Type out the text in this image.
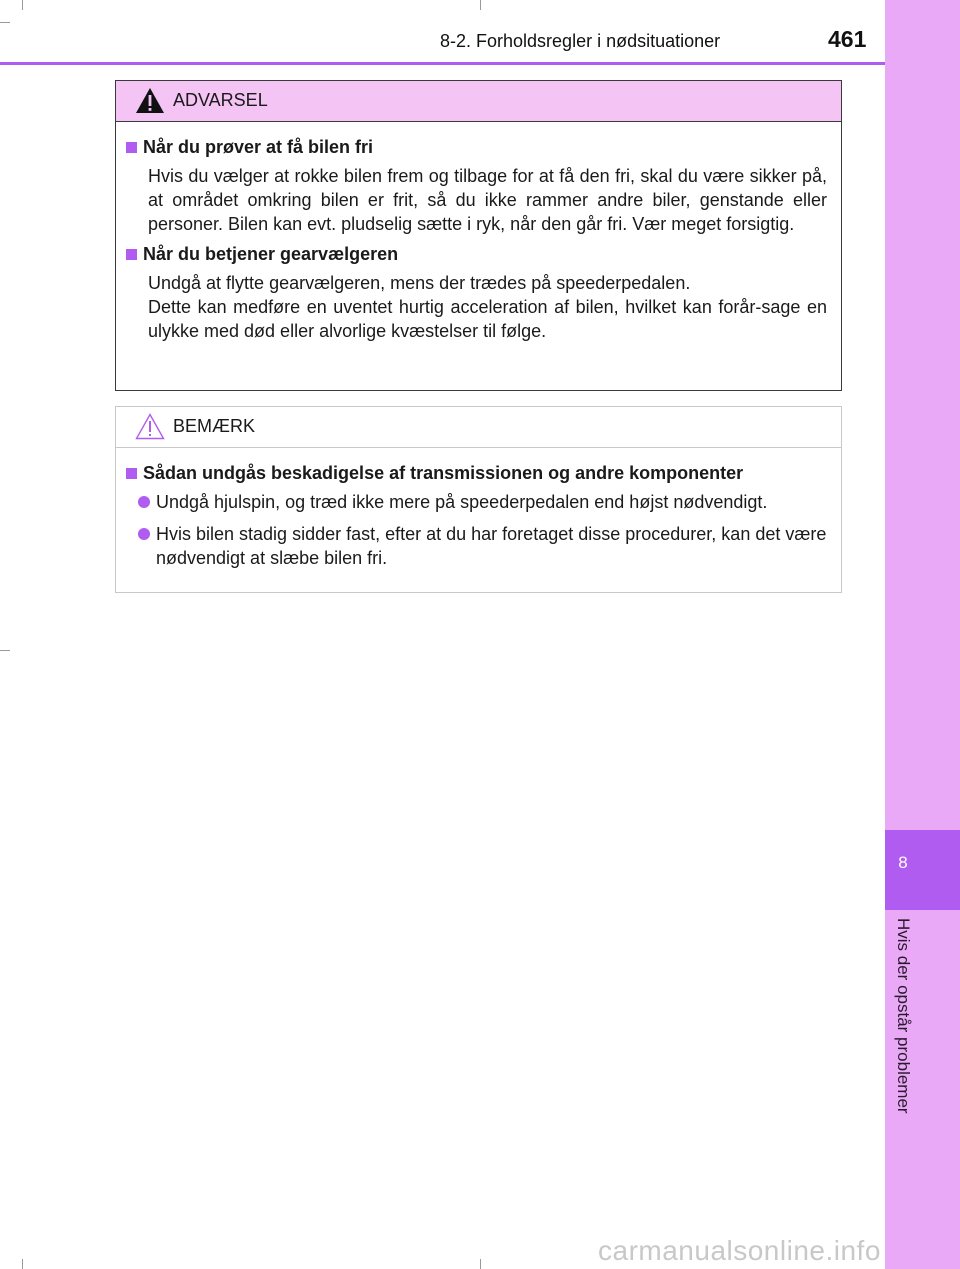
8
Hvis der opstår problemer
8-2. Forholdsregler i nødsituationer	461
ADVARSEL
Når du prøver at få bilen fri
Hvis du vælger at rokke bilen frem og tilbage for at få den fri, skal du være sikker på, at området omkring bilen er frit, så du ikke rammer andre biler, genstande eller personer. Bilen kan evt. pludselig sætte i ryk, når den går fri. Vær meget forsigtig.
Når du betjener gearvælgeren
Undgå at flytte gearvælgeren, mens der trædes på speederpedalen.
Dette kan medføre en uventet hurtig acceleration af bilen, hvilket kan forår-sage en ulykke med død eller alvorlige kvæstelser til følge.
BEMÆRK
Sådan undgås beskadigelse af transmissionen og andre komponenter
Undgå hjulspin, og træd ikke mere på speederpedalen end højst nødvendigt.
Hvis bilen stadig sidder fast, efter at du har foretaget disse procedurer, kan det være nødvendigt at slæbe bilen fri.
carmanualsonline.info
